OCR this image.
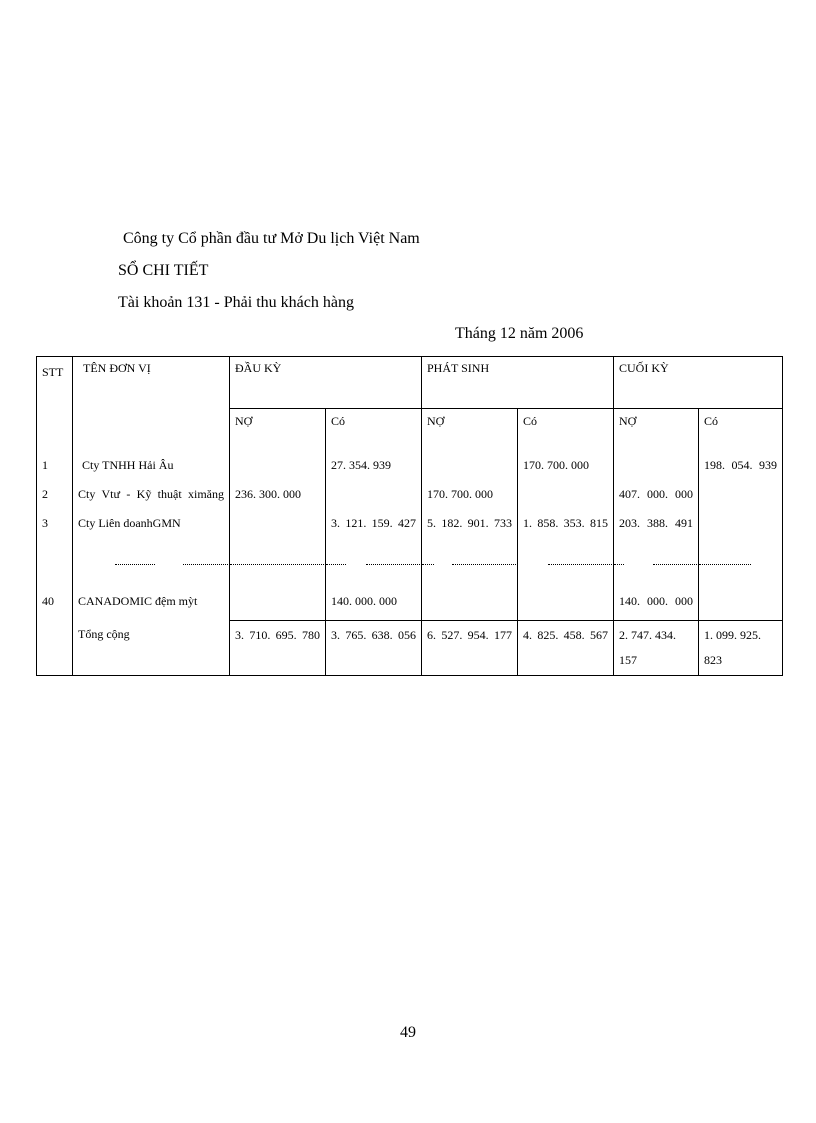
Công ty Cổ phần đầu tư Mở Du lịch Việt Nam
SỔ CHI TIẾT
Tài khoản 131 - Phải thu khách hàng
Tháng 12 năm 2006
STT	TÊN ĐƠN VỊ	ĐẦU KỲ		PHÁT SINH		CUỐI KỲ	
		NỢ	Có	NỢ	Có	NỢ	Có
1	Cty TNHH Hải Âu		27. 354. 939		170. 700. 000		198. 054. 939
2	Cty Vtư - Kỹ thuật ximăng	236. 300. 000		170. 700. 000		407. 000. 000	
3	Cty Liên doanhGMN		3. 121. 159. 427	5. 182. 901. 733	1. 858. 353. 815	203. 388. 491	

40	CANADOMIC đệm mỳt		140. 000. 000			140. 000. 000	

	Tổng cộng	3. 710. 695. 780	3. 765. 638. 056	6. 527. 954. 177	4. 825. 458. 567	2. 747. 434. 157	1. 099. 925. 823
49
